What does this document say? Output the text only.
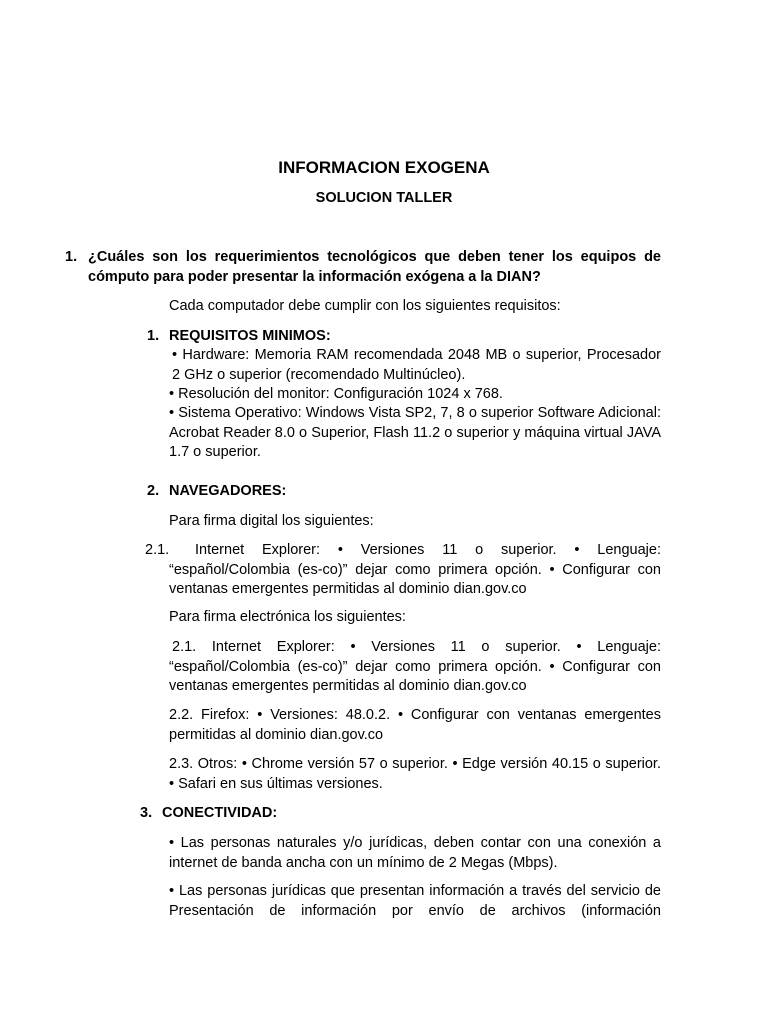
INFORMACION EXOGENA
SOLUCION TALLER
1. ¿Cuáles son los requerimientos tecnológicos que deben tener los equipos de cómputo para poder presentar la información exógena a la DIAN?
Cada computador debe cumplir con los siguientes requisitos:
1. REQUISITOS MINIMOS:
• Hardware: Memoria RAM recomendada 2048 MB o superior, Procesador 2 GHz o superior (recomendado Multinúcleo).
• Resolución del monitor: Configuración 1024 x 768.
• Sistema Operativo: Windows Vista SP2, 7, 8 o superior Software Adicional: Acrobat Reader 8.0 o Superior, Flash 11.2 o superior y máquina virtual JAVA 1.7 o superior.
2. NAVEGADORES:
Para firma digital los siguientes:
2.1.	Internet Explorer: • Versiones 11 o superior. • Lenguaje: “español/Colombia (es-co)” dejar como primera opción. • Configurar con ventanas emergentes permitidas al dominio dian.gov.co
Para firma electrónica los siguientes:
2.1. Internet Explorer: • Versiones 11 o superior. • Lenguaje: “español/Colombia (es-co)” dejar como primera opción. • Configurar con ventanas emergentes permitidas al dominio dian.gov.co
2.2. Firefox: • Versiones: 48.0.2. • Configurar con ventanas emergentes permitidas al dominio dian.gov.co
2.3. Otros: • Chrome versión 57 o superior. • Edge versión 40.15 o superior. • Safari en sus últimas versiones.
3. CONECTIVIDAD:
• Las personas naturales y/o jurídicas, deben contar con una conexión a internet de banda ancha con un mínimo de 2 Megas (Mbps).
• Las personas jurídicas que presentan información a través del servicio de Presentación de información por envío de archivos (información
